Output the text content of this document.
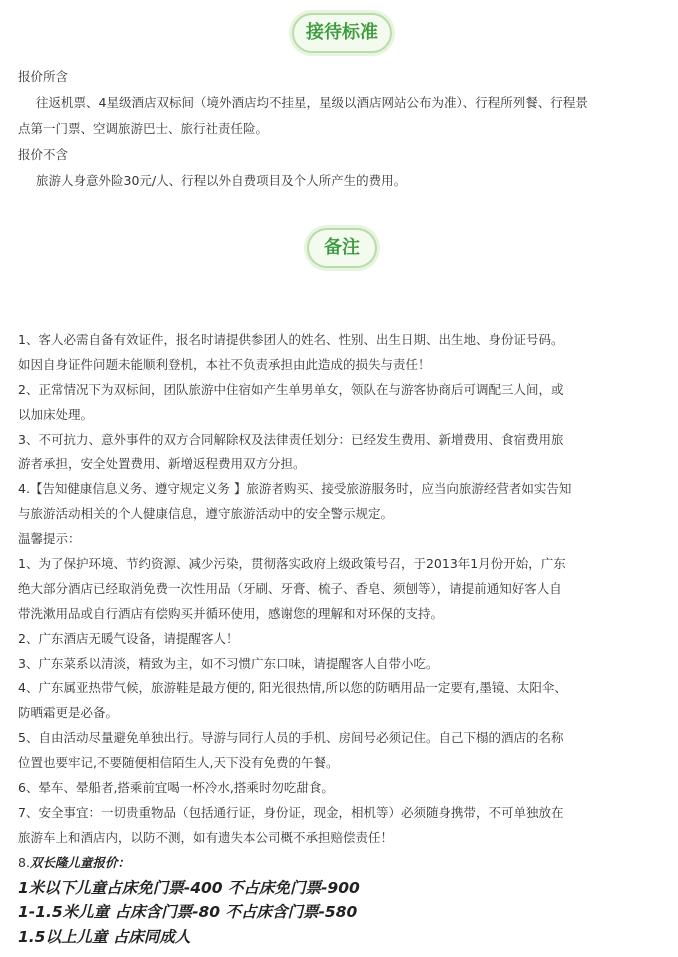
接待标准
报价所含
往返机票、4星级酒店双标间（境外酒店均不挂星，星级以酒店网站公布为准）、行程所列餐、行程景
点第一门票、空调旅游巴士、旅行社责任险。
报价不含
旅游人身意外险30元/人、行程以外自费项目及个人所产生的费用。
备注
1、客人必需自备有效证件，报名时请提供参团人的姓名、性别、出生日期、出生地、身份证号码。
如因自身证件问题未能顺利登机，本社不负责承担由此造成的损失与责任！
2、正常情况下为双标间，团队旅游中住宿如产生单男单女，领队在与游客协商后可调配三人间，或
以加床处理。
3、不可抗力、意外事件的双方合同解除权及法律责任划分：已经发生费用、新增费用、食宿费用旅
游者承担，安全处置费用、新增返程费用双方分担。
4.【告知健康信息义务、遵守规定义务 】旅游者购买、接受旅游服务时，应当向旅游经营者如实告知
与旅游活动相关的个人健康信息，遵守旅游活动中的安全警示规定。
温馨提示：
1、为了保护环境、节约资源、减少污染，贯彻落实政府上级政策号召，于2013年1月份开始，广东
绝大部分酒店已经取消免费一次性用品（牙刷、牙膏、梳子、香皂、须刨等），请提前通知好客人自
带洗漱用品或自行酒店有偿购买并循环使用，感谢您的理解和对环保的支持。
2、广东酒店无暖气设备，请提醒客人！
3、广东菜系以清淡，精致为主，如不习惯广东口味，请提醒客人自带小吃。
4、广东属亚热带气候，旅游鞋是最方便的, 阳光很热情,所以您的防晒用品一定要有,墨镜、太阳伞、
防晒霜更是必备。
5、自由活动尽量避免单独出行。导游与同行人员的手机、房间号必须记住。自己下榻的酒店的名称
位置也要牢记,不要随便相信陌生人,天下没有免费的午餐。
6、晕车、晕船者,搭乘前宜喝一杯冷水,搭乘时勿吃甜食。
7、安全事宜：一切贵重物品（包括通行证，身份证，现金，相机等）必须随身携带，不可单独放在
旅游车上和酒店内，以防不测，如有遗失本公司概不承担赔偿责任！
8.双长隆儿童报价：
1米以下儿童占床免门票-400 不占床免门票-900
1-1.5米儿童 占床含门票-80 不占床含门票-580
1.5以上儿童 占床同成人
